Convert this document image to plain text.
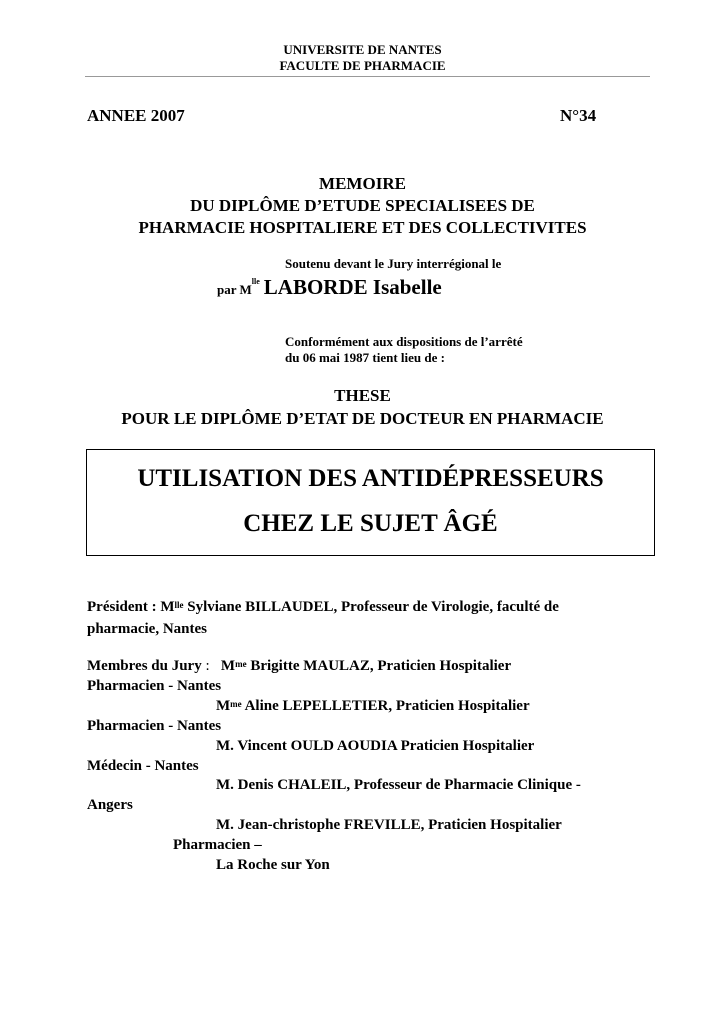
UNIVERSITE DE NANTES
FACULTE DE PHARMACIE
ANNEE 2007	N°34
MEMOIRE
DU DIPLÔME D’ETUDE SPECIALISEES DE
PHARMACIE HOSPITALIERE ET DES COLLECTIVITES
Soutenu devant le Jury interrégional le
par $M^{lle}$ LABORDE Isabelle
Conformément aux dispositions de l’arrêté
du 06 mai 1987 tient lieu de :
THESE
POUR LE DIPLÔME D’ETAT DE DOCTEUR EN PHARMACIE
UTILISATION DES ANTIDÉPRESSEURS
CHEZ LE SUJET ÂGÉ
Président : $M^{lle}$ Sylviane BILLAUDEL, Professeur de Virologie, faculté de
pharmacie, Nantes
Membres du Jury :   $M^{me}$ Brigitte MAULAZ, Praticien Hospitalier
Pharmacien - Nantes
$M^{me}$ Aline LEPELLETIER, Praticien Hospitalier
Pharmacien - Nantes
M. Vincent OULD AOUDIA Praticien Hospitalier
Médecin - Nantes
M. Denis CHALEIL, Professeur de Pharmacie Clinique -
Angers
M. Jean-christophe FREVILLE, Praticien Hospitalier
Pharmacien –
La Roche sur Yon
